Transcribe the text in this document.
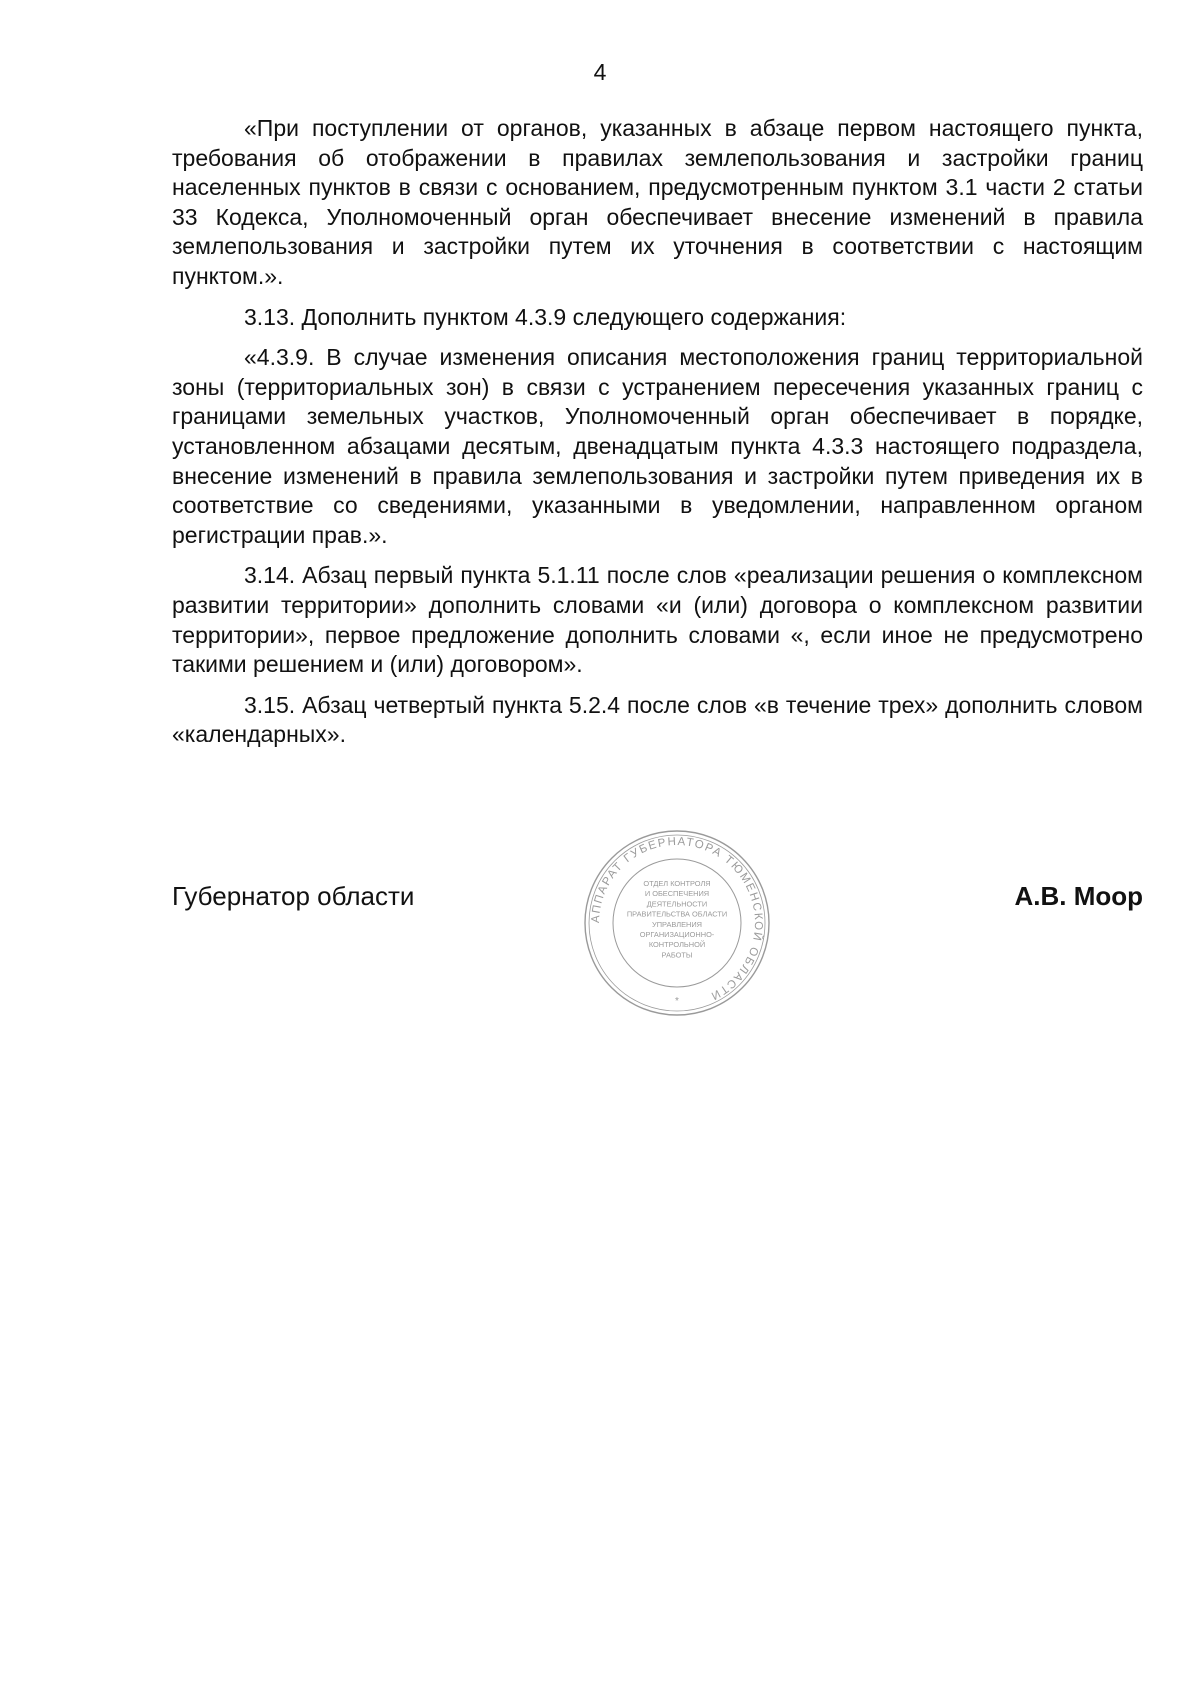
4

«При поступлении от органов, указанных в абзаце первом настоящего пункта, требования об отображении в правилах землепользования и застройки границ населенных пунктов в связи с основанием, предусмотренным пунктом 3.1 части 2 статьи 33 Кодекса, Уполномоченный орган обеспечивает внесение изменений в правила землепользования и застройки путем их уточнения в соответствии с настоящим пунктом.».

3.13. Дополнить пунктом 4.3.9 следующего содержания:

«4.3.9. В случае изменения описания местоположения границ территориальной зоны (территориальных зон) в связи с устранением пересечения указанных границ с границами земельных участков, Уполномоченный орган обеспечивает в порядке, установленном абзацами десятым, двенадцатым пункта 4.3.3 настоящего подраздела, внесение изменений в правила землепользования и застройки путем приведения их в соответствие со сведениями, указанными в уведомлении, направленном органом регистрации прав.».

3.14. Абзац первый пункта 5.1.11 после слов «реализации решения о комплексном развитии территории» дополнить словами «и (или) договора о комплексном развитии территории», первое предложение дополнить словами «, если иное не предусмотрено такими решением и (или) договором».

3.15. Абзац четвертый пункта 5.2.4 после слов «в течение трех» дополнить словом «календарных».

Губернатор области
АППАРАТ ГУБЕРНАТОРА ТЮМЕНСКОЙ ОБЛАСТИ
*
ОТДЕЛ КОНТРОЛЯ
И ОБЕСПЕЧЕНИЯ
ДЕЯТЕЛЬНОСТИ
ПРАВИТЕЛЬСТВА ОБЛАСТИ
УПРАВЛЕНИЯ
ОРГАНИЗАЦИОННО-
КОНТРОЛЬНОЙ
РАБОТЫ
А.В. Моор
